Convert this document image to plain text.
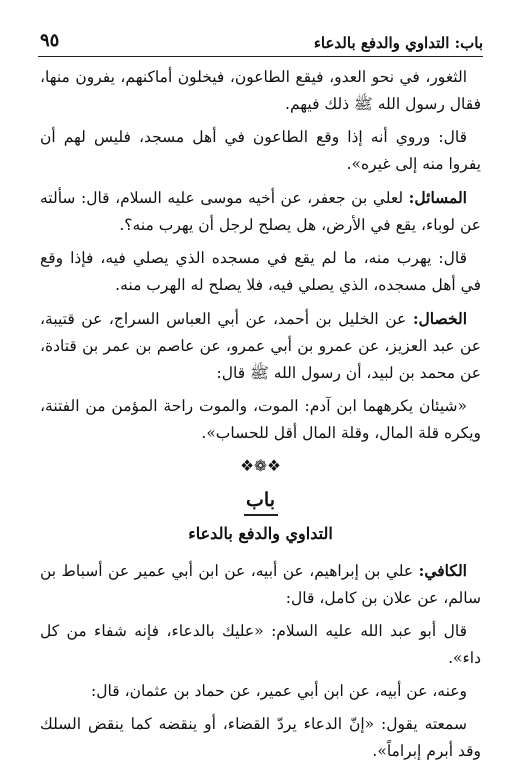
باب: التداوي والدفع بالدعاء
٩٥

الثغور، في نحو العدو، فيقع الطاعون، فيخلون أماكنهم، يفرون منها، فقال رسول الله ﷺ ذلك فيهم.

قال: وروي أنه إذا وقع الطاعون في أهل مسجد، فليس لهم أن يفروا منه إلى غيره».

المسائل: لعلي بن جعفر، عن أخيه موسى عليه السلام، قال: سألته عن لوباء، يقع في الأرض، هل يصلح لرجل أن يهرب منه؟.

قال: يهرب منه، ما لم يقع في مسجده الذي يصلي فيه، فإذا وقع في أهل مسجده، الذي يصلي فيه، فلا يصلح له الهرب منه.

الخصال: عن الخليل بن أحمد، عن أبي العباس السراج، عن قتيبة، عن عبد العزيز، عن عمرو بن أبي عمرو، عن عاصم بن عمر بن قتادة، عن محمد بن لبيد، أن رسول الله ﷺ قال:

«شيئان يكرههما ابن آدم: الموت، والموت راحة المؤمن من الفتنة، ويكره قلة المال، وقلة المال أقل للحساب».

❖❁❖
باب
التداوي والدفع بالدعاء

الكافي: علي بن إبراهيم، عن أبيه، عن ابن أبي عمير عن أسباط بن سالم، عن علان بن كامل، قال:

قال أبو عبد الله عليه السلام: «عليك بالدعاء، فإنه شفاء من كل داء».

وعنه، عن أبيه، عن ابن أبي عمير، عن حماد بن عثمان، قال:

سمعته يقول: «إنّ الدعاء يردّ القضاء، أو ينقضه كما ينقض السلك وقد أبرم إبراماً».
